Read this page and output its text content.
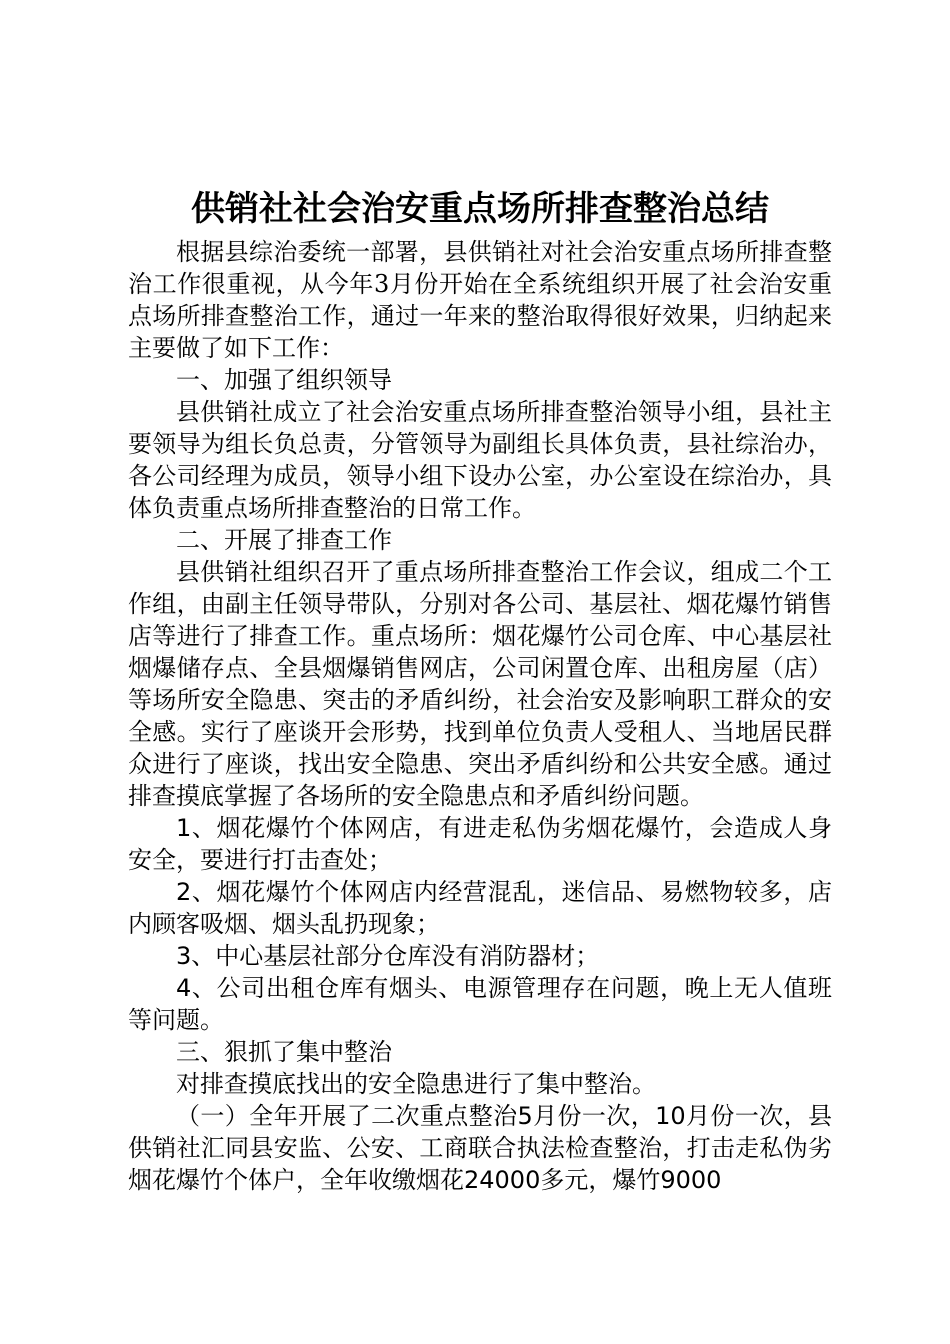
供销社社会治安重点场所排查整治总结

根据县综治委统一部署，县供销社对社会治安重点场所排查整治工作很重视，从今年3月份开始在全系统组织开展了社会治安重点场所排查整治工作，通过一年来的整治取得很好效果，归纳起来主要做了如下工作：

一、加强了组织领导

县供销社成立了社会治安重点场所排查整治领导小组，县社主要领导为组长负总责，分管领导为副组长具体负责，县社综治办，各公司经理为成员，领导小组下设办公室，办公室设在综治办，具体负责重点场所排查整治的日常工作。

二、开展了排查工作

县供销社组织召开了重点场所排查整治工作会议，组成二个工作组，由副主任领导带队，分别对各公司、基层社、烟花爆竹销售店等进行了排查工作。重点场所：烟花爆竹公司仓库、中心基层社烟爆储存点、全县烟爆销售网店，公司闲置仓库、出租房屋（店）等场所安全隐患、突击的矛盾纠纷，社会治安及影响职工群众的安全感。实行了座谈开会形势，找到单位负责人受租人、当地居民群众进行了座谈，找出安全隐患、突出矛盾纠纷和公共安全感。通过排查摸底掌握了各场所的安全隐患点和矛盾纠纷问题。

1、烟花爆竹个体网店，有进走私伪劣烟花爆竹，会造成人身安全，要进行打击查处；

2、烟花爆竹个体网店内经营混乱，迷信品、易燃物较多，店内顾客吸烟、烟头乱扔现象；

3、中心基层社部分仓库没有消防器材；

4、公司出租仓库有烟头、电源管理存在问题，晚上无人值班等问题。

三、狠抓了集中整治

对排查摸底找出的安全隐患进行了集中整治。

（一）全年开展了二次重点整治5月份一次，10月份一次，县供销社汇同县安监、公安、工商联合执法检查整治，打击走私伪劣烟花爆竹个体户，全年收缴烟花24000多元，爆竹9000
